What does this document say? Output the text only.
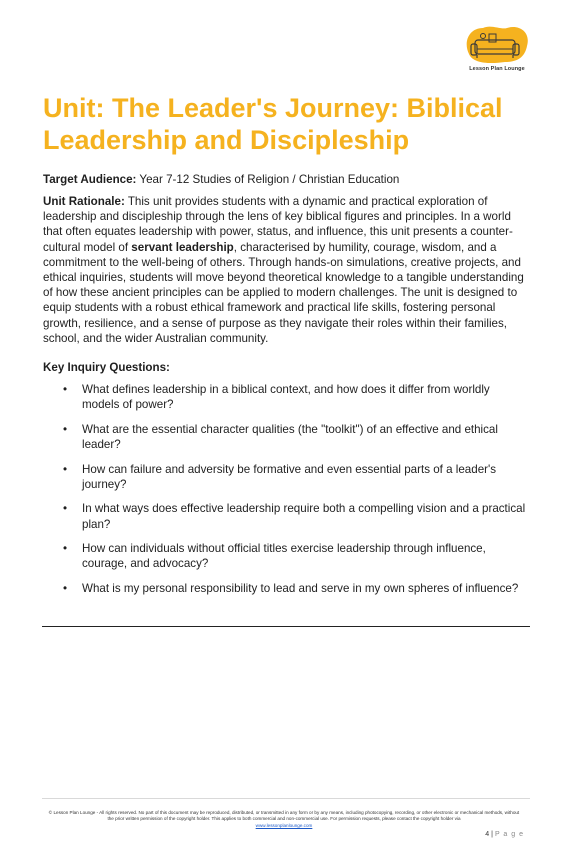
Lesson Plan Lounge
Unit: The Leader's Journey: Biblical Leadership and Discipleship
Target Audience: Year 7-12 Studies of Religion / Christian Education
Unit Rationale: This unit provides students with a dynamic and practical exploration of leadership and discipleship through the lens of key biblical figures and principles. In a world that often equates leadership with power, status, and influence, this unit presents a counter-cultural model of servant leadership, characterised by humility, courage, wisdom, and a commitment to the well-being of others. Through hands-on simulations, creative projects, and ethical inquiries, students will move beyond theoretical knowledge to a tangible understanding of how these ancient principles can be applied to modern challenges. The unit is designed to equip students with a robust ethical framework and practical life skills, fostering personal growth, resilience, and a sense of purpose as they navigate their roles within their families, school, and the wider Australian community.
Key Inquiry Questions:
• What defines leadership in a biblical context, and how does it differ from worldly models of power?
• What are the essential character qualities (the "toolkit") of an effective and ethical leader?
• How can failure and adversity be formative and even essential parts of a leader's journey?
• In what ways does effective leadership require both a compelling vision and a practical plan?
• How can individuals without official titles exercise leadership through influence, courage, and advocacy?
• What is my personal responsibility to lead and serve in my own spheres of influence?
© Lesson Plan Lounge - All rights reserved. No part of this document may be reproduced, distributed, or transmitted in any form or by any means, including photocopying, recording, or other electronic or mechanical methods, without the prior written permission of the copyright holder. This applies to both commercial and non-commercial use. For permission requests, please contact the copyright holder via
www.lessonplanlounge.com
4 | P a g e
